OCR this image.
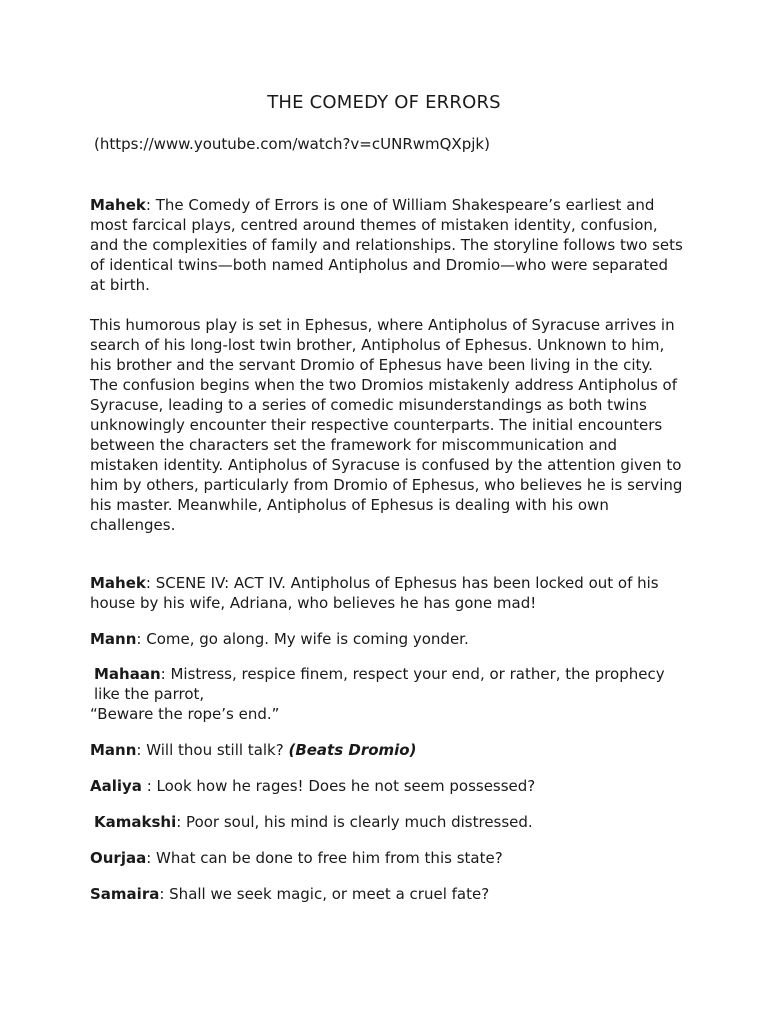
THE COMEDY OF ERRORS
(https://www.youtube.com/watch?v=cUNRwmQXpjk)
Mahek: The Comedy of Errors is one of William Shakespeare’s earliest and most farcical plays, centred around themes of mistaken identity, confusion, and the complexities of family and relationships. The storyline follows two sets of identical twins—both named Antipholus and Dromio—who were separated at birth.
This humorous play is set in Ephesus, where Antipholus of Syracuse arrives in search of his long-lost twin brother, Antipholus of Ephesus. Unknown to him, his brother and the servant Dromio of Ephesus have been living in the city. The confusion begins when the two Dromios mistakenly address Antipholus of Syracuse, leading to a series of comedic misunderstandings as both twins unknowingly encounter their respective counterparts. The initial encounters between the characters set the framework for miscommunication and mistaken identity. Antipholus of Syracuse is confused by the attention given to him by others, particularly from Dromio of Ephesus, who believes he is serving his master. Meanwhile, Antipholus of Ephesus is dealing with his own challenges.
Mahek: SCENE IV: ACT IV. Antipholus of Ephesus has been locked out of his house by his wife, Adriana, who believes he has gone mad!
Mann: Come, go along. My wife is coming yonder.
Mahaan: Mistress, respice finem, respect your end, or rather, the prophecy like the parrot,
“Beware the rope’s end.”
Mann: Will thou still talk? (Beats Dromio)
Aaliya : Look how he rages! Does he not seem possessed?
Kamakshi: Poor soul, his mind is clearly much distressed.
Ourjaa: What can be done to free him from this state?
Samaira: Shall we seek magic, or meet a cruel fate?
